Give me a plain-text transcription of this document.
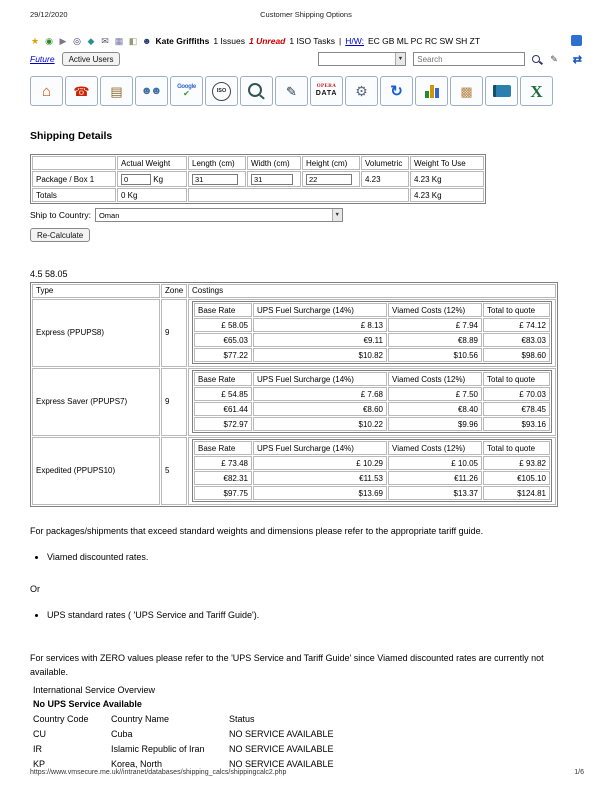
29/12/2020	Customer Shipping Options
★ ◉ ▶ ◎ ◆ ✉ ▦ ◧ ☻ Kate Griffiths 1 Issues 1 Unread 1 ISO Tasks | H/W: EC GB ML PC RC SW SH ZT
Future	Active Users	▼
Search	✎ ⇄
⌂ ☎ ▤ ☻☻	Google
✔	ISO	✎	OPERA
DATA ⚙ ↻	▩	X
Shipping Details
	Actual Weight	Length (cm)	Width (cm)	Height (cm)	Volumetric	Weight To Use
Package / Box 1	0Kg	31	31	22	4.23	4.23 Kg
Totals	0 Kg					4.23 Kg
Ship to Country:	Oman	▼
Re-Calculate
4.5 58.05
Type	Zone	Costings
Express (PPUPS8)	9	
Base Rate	UPS Fuel Surcharge (14%)	Viamed Costs (12%)	Total to quote
£ 58.05	£ 8.13	£ 7.94	£ 74.12
€65.03	€9.11	€8.89	€83.03
$77.22	$10.82	$10.56	$98.60

Express Saver (PPUPS7)	9	
Base Rate	UPS Fuel Surcharge (14%)	Viamed Costs (12%)	Total to quote
£ 54.85	£ 7.68	£ 7.50	£ 70.03
€61.44	€8.60	€8.40	€78.45
$72.97	$10.22	$9.96	$93.16

Expedited (PPUPS10)	5	
Base Rate	UPS Fuel Surcharge (14%)	Viamed Costs (12%)	Total to quote
£ 73.48	£ 10.29	£ 10.05	£ 93.82
€82.31	€11.53	€11.26	€105.10
$97.75	$13.69	$13.37	$124.81

For packages/shipments that exceed standard weights and dimensions please refer to the appropriate tariff guide.

• Viamed discounted rates.

Or

• UPS standard rates ( 'UPS Service and Tariff Guide').

For services with ZERO values please refer to the 'UPS Service and Tariff Guide' since Viamed discounted rates are currently not available.

International Service Overview
No UPS Service Available
Country Code	Country Name	Status
CU	Cuba	NO SERVICE AVAILABLE
IR	Islamic Republic of Iran	NO SERVICE AVAILABLE
KP	Korea, North	NO SERVICE AVAILABLE
https://www.vmsecure.me.uk//intranet/databases/shipping_calcs/shippingcalc2.php	1/6
